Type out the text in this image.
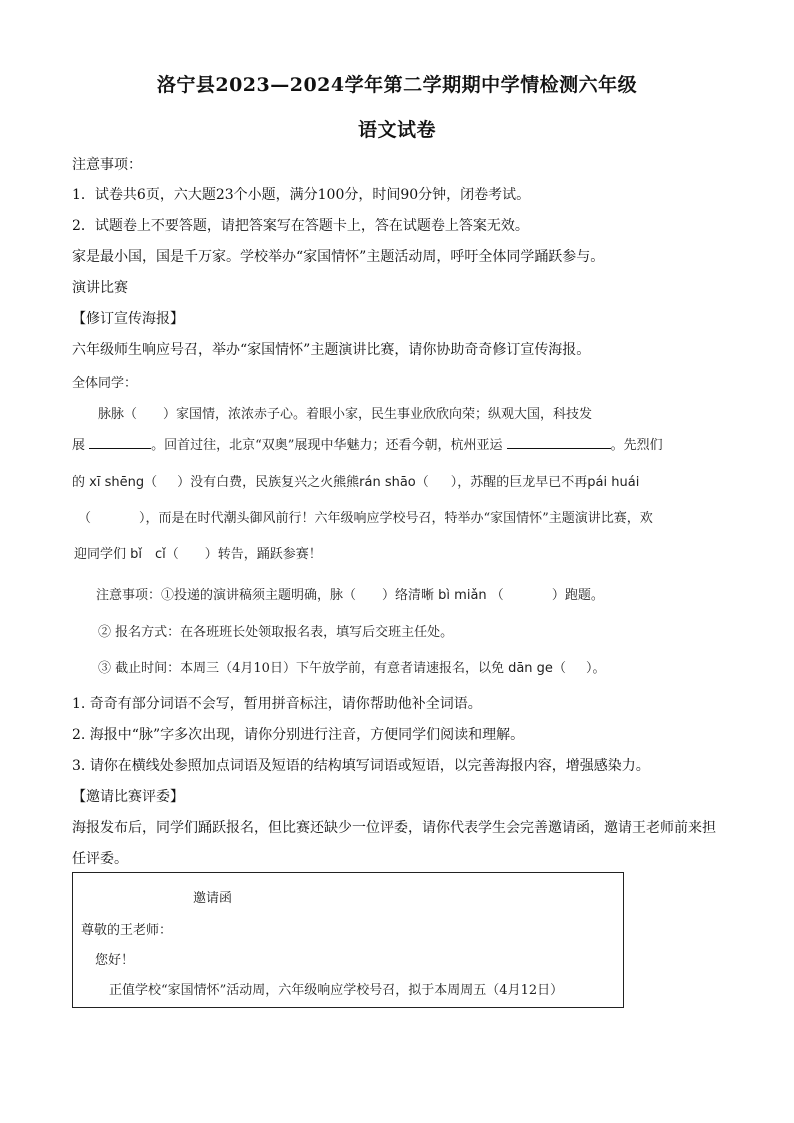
洛宁县2023—2024学年第二学期期中学情检测六年级
语文试卷
注意事项：
1．试卷共6页，六大题23个小题，满分100分，时间90分钟，闭卷考试。
2．试题卷上不要答题，请把答案写在答题卡上，答在试题卷上答案无效。
家是最小国，国是千万家。学校举办“家国情怀”主题活动周，呼吁全体同学踊跃参与。
演讲比赛
【修订宣传海报】
六年级师生响应号召，举办“家国情怀”主题演讲比赛，请你协助奇奇修订宣传海报。
全体同学：
脉脉（ ）家国情，浓浓赤子心。着眼小家，民生事业欣欣向荣；纵观大国，科技发
展	。回首过往，北京“双奥”展现中华魅力；还看今朝，杭州亚运	。先烈们
的 xī shēng（ ）没有白费，民族复兴之火熊熊rán shāo（ ），苏醒的巨龙早已不再pái huái
（	），而是在时代潮头御风前行！六年级响应学校号召，特举办“家国情怀”主题演讲比赛，欢
迎同学们 bǐ　cǐ（ ）转告，踊跃参赛！
注意事项：①投递的演讲稿须主题明确，脉（ ）络清晰 bì miǎn （	）跑题。
② 报名方式：在各班班长处领取报名表，填写后交班主任处。
③ 截止时间：本周三（4月10日）下午放学前，有意者请速报名，以免 dān ge（ ）。
1. 奇奇有部分词语不会写，暂用拼音标注，请你帮助他补全词语。
2. 海报中“脉”字多次出现，请你分别进行注音，方便同学们阅读和理解。
3. 请你在横线处参照加点词语及短语的结构填写词语或短语，以完善海报内容，增强感染力。
【邀请比赛评委】
海报发布后，同学们踊跃报名，但比赛还缺少一位评委，请你代表学生会完善邀请函，邀请王老师前来担
任评委。
邀请函
尊敬的王老师：
您好！
正值学校“家国情怀”活动周，六年级响应学校号召，拟于本周周五（4月12日）
